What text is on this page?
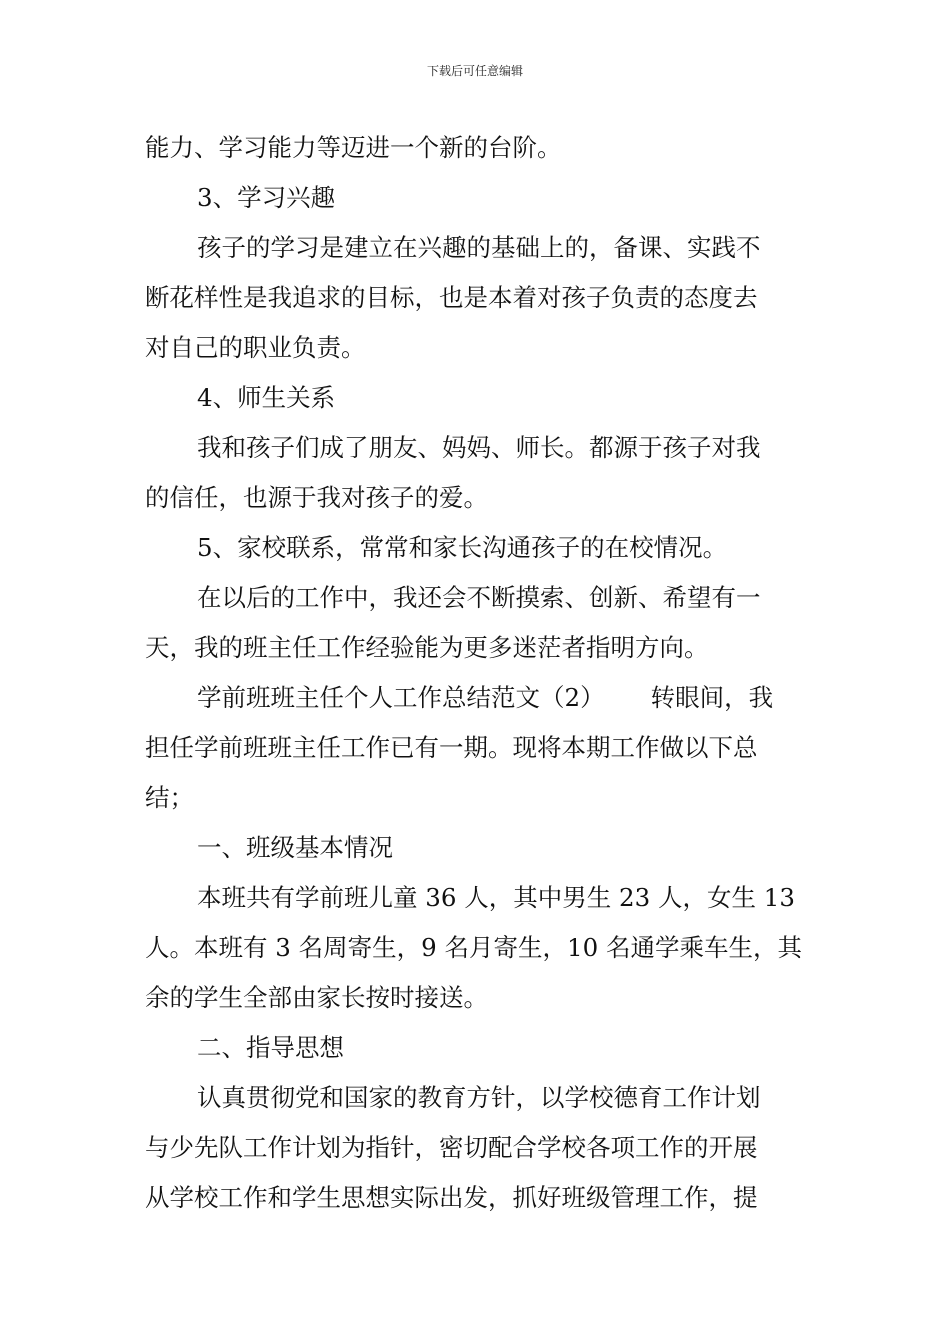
下载后可任意编辑
能力、学习能力等迈进一个新的台阶。
3、学习兴趣
孩子的学习是建立在兴趣的基础上的，备课、实践不
断花样性是我追求的目标，也是本着对孩子负责的态度去
对自己的职业负责。
4、师生关系
我和孩子们成了朋友、妈妈、师长。都源于孩子对我
的信任，也源于我对孩子的爱。
5、家校联系，常常和家长沟通孩子的在校情况。
在以后的工作中，我还会不断摸索、创新、希望有一
天，我的班主任工作经验能为更多迷茫者指明方向。
学前班班主任个人工作总结范文（2） 转眼间，我
担任学前班班主任工作已有一期。现将本期工作做以下总
结；
一、班级基本情况
本班共有学前班儿童 36 人，其中男生 23 人，女生 13
人。本班有 3 名周寄生，9 名月寄生，10 名通学乘车生，其
余的学生全部由家长按时接送。
二、指导思想
认真贯彻党和国家的教育方针，以学校德育工作计划
与少先队工作计划为指针，密切配合学校各项工作的开展
从学校工作和学生思想实际出发，抓好班级管理工作，提
